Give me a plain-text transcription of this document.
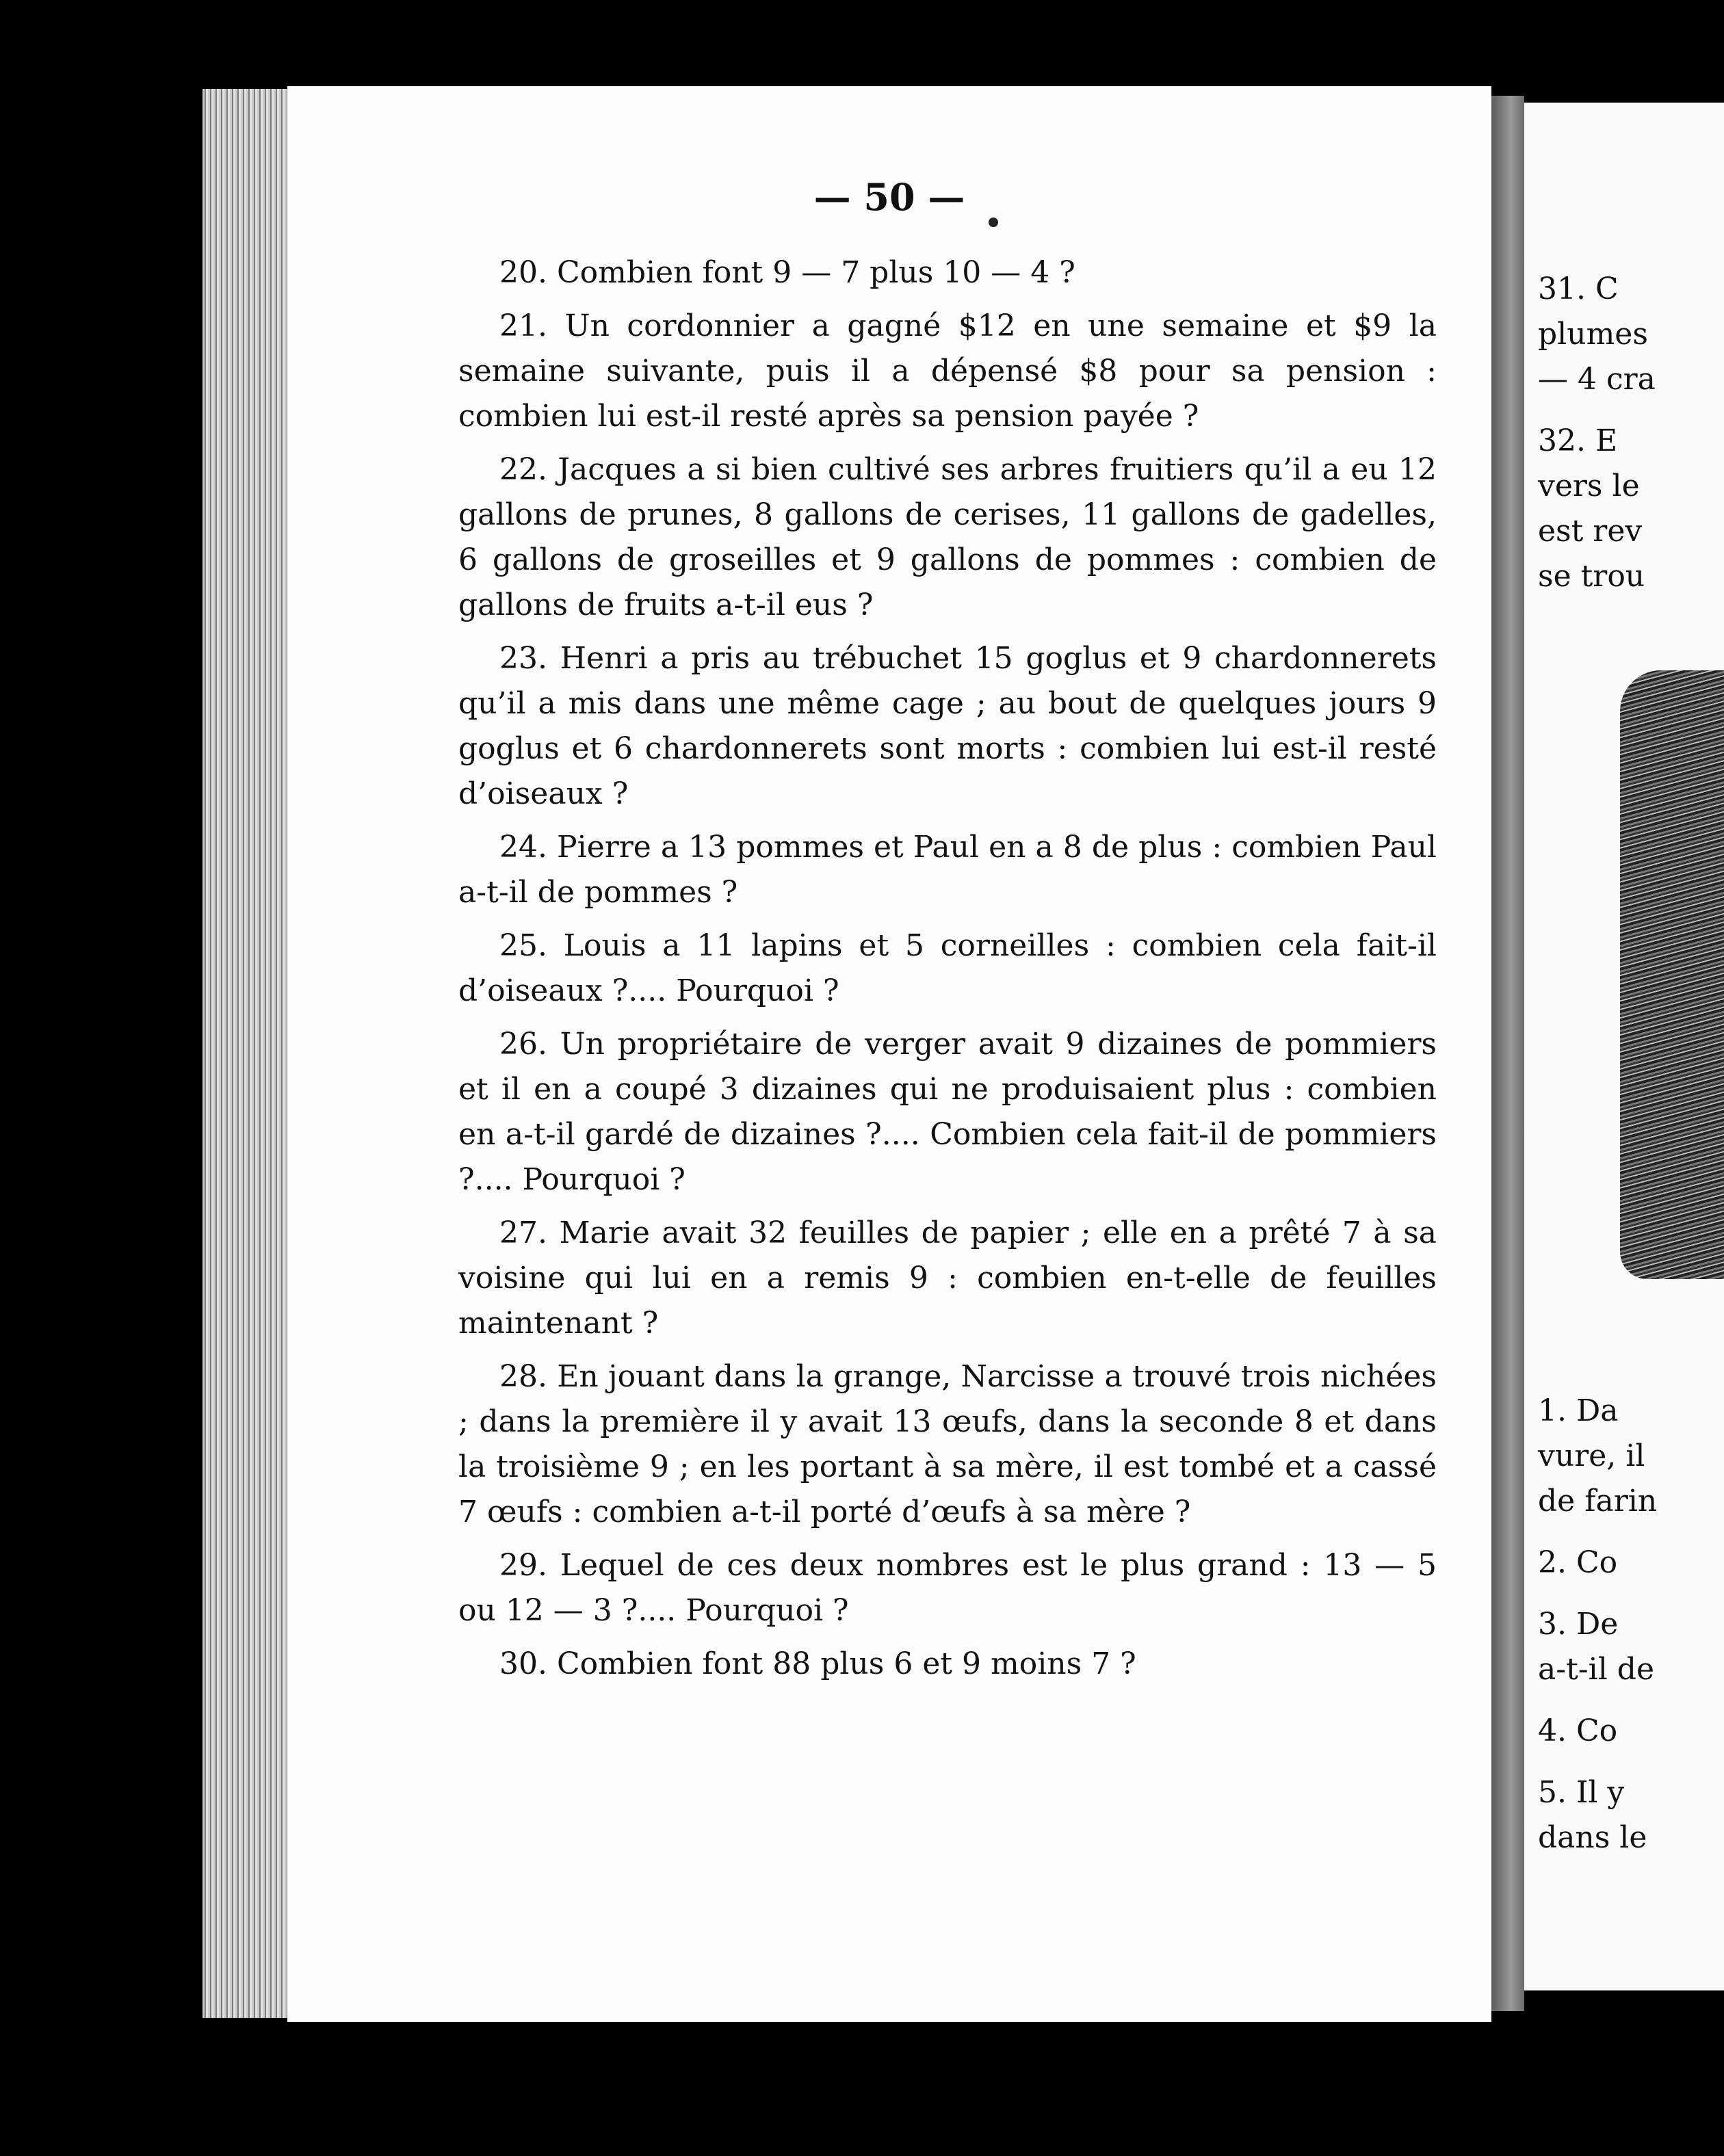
— 50 —

20. Combien font 9 — 7 plus 10 — 4 ?

21. Un cordonnier a gagné $12 en une semaine et $9 la semaine suivante, puis il a dépensé $8 pour sa pension : combien lui est-il resté après sa pension payée ?

22. Jacques a si bien cultivé ses arbres fruitiers qu’il a eu 12 gallons de prunes, 8 gallons de cerises, 11 gallons de gadelles, 6 gallons de groseilles et 9 gallons de pommes : combien de gallons de fruits a-t-il eus ?

23. Henri a pris au trébuchet 15 goglus et 9 chardonnerets qu’il a mis dans une même cage ; au bout de quelques jours 9 goglus et 6 chardonnerets sont morts : combien lui est-il resté d’oiseaux ?

24. Pierre a 13 pommes et Paul en a 8 de plus : combien Paul a-t-il de pommes ?

25. Louis a 11 lapins et 5 corneilles : combien cela fait-il d’oiseaux ?.... Pourquoi ?

26. Un propriétaire de verger avait 9 dizaines de pommiers et il en a coupé 3 dizaines qui ne produisaient plus : combien en a-t-il gardé de dizaines ?.... Combien cela fait-il de pommiers ?.... Pourquoi ?

27. Marie avait 32 feuilles de papier ; elle en a prêté 7 à sa voisine qui lui en a remis 9 : combien en-t-elle de feuilles maintenant ?

28. En jouant dans la grange, Narcisse a trouvé trois nichées ; dans la première il y avait 13 œufs, dans la seconde 8 et dans la troisième 9 ; en les portant à sa mère, il est tombé et a cassé 7 œufs : combien a-t-il porté d’œufs à sa mère ?

29. Lequel de ces deux nombres est le plus grand : 13 — 5 ou 12 — 3 ?.... Pourquoi ?

30. Combien font 88 plus 6 et 9 moins 7 ?

31. C
plumes
— 4 cra
32. E
vers le
est rev
se trou
1. Da
vure, il
de farin
2. Co
3. De
a-t-il de
4. Co
5. Il y
dans le
